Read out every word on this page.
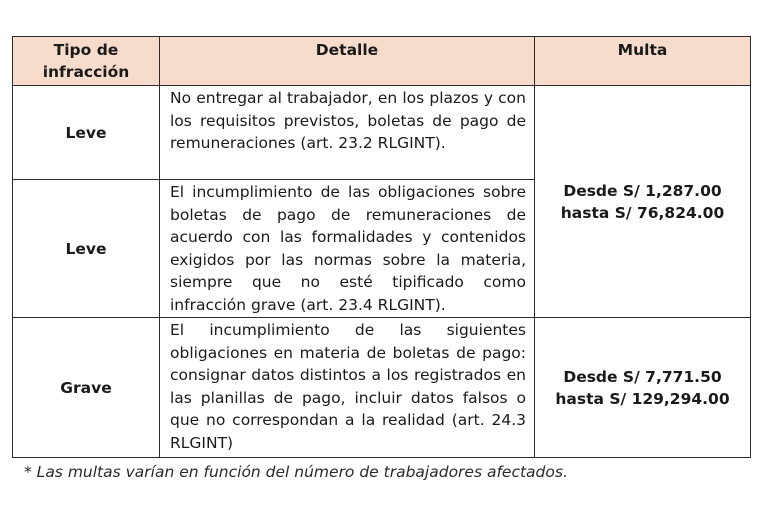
Tipo de
infracción	Detalle	Multa
Leve	No entregar al trabajador, en los plazos y con los requisitos previstos, boletas de pago de remuneraciones (art. 23.2 RLGINT).	Desde S/ 1,287.00
hasta S/ 76,824.00

Leve	El incumplimiento de las obligaciones sobre boletas de pago de remuneraciones de acuerdo con las formalidades y contenidos exigidos por las normas sobre la materia, siempre que no esté tipificado como infracción grave (art. 23.4 RLGINT).	
Grave	El incumplimiento de las siguientes obligaciones en materia de boletas de pago: consignar datos distintos a los registrados en las planillas de pago, incluir datos falsos o que no correspondan a la realidad (art. 24.3 RLGINT)	Desde S/ 7,771.50
hasta S/ 129,294.00
* Las multas varían en función del número de trabajadores afectados.
